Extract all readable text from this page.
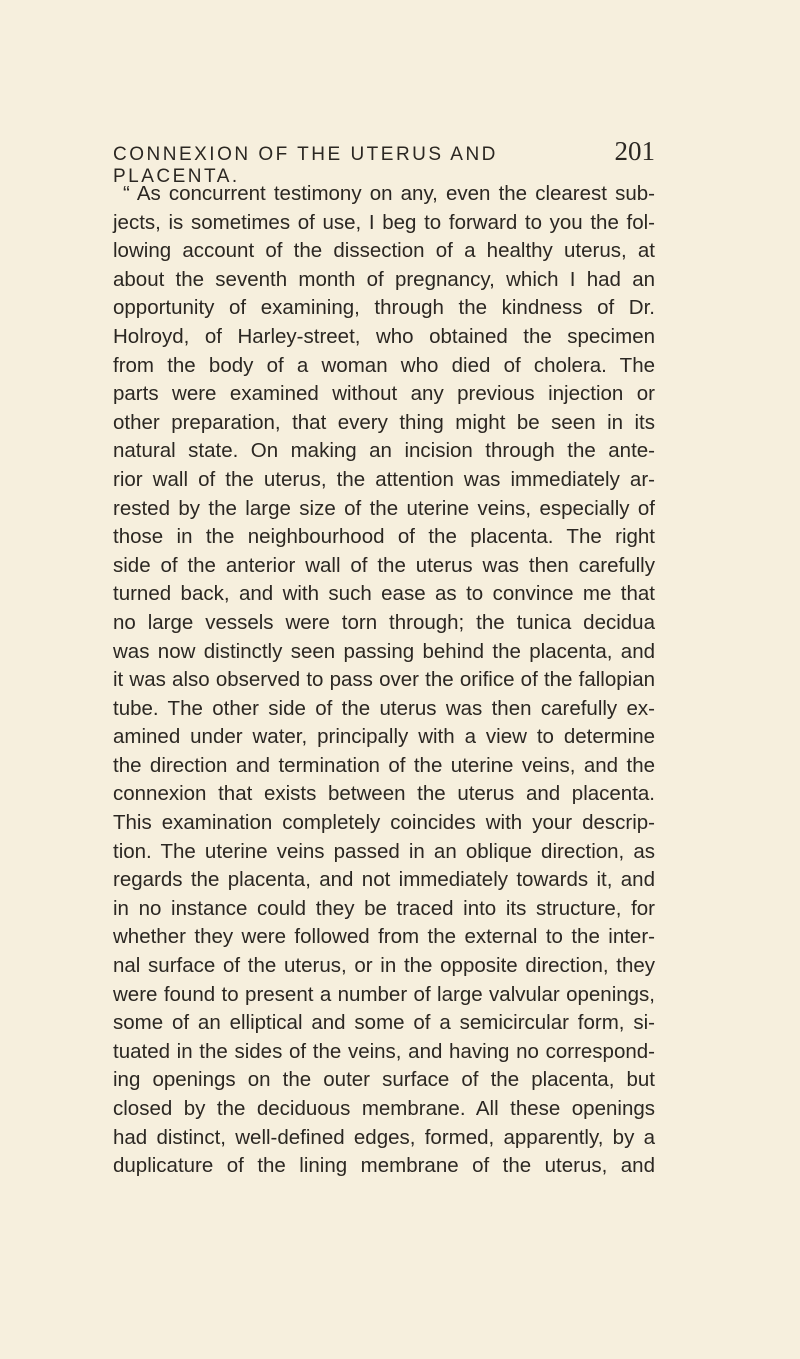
CONNEXION OF THE UTERUS AND PLACENTA.
201
“ As concurrent testimony on any, even the clearest sub-
jects, is sometimes of use, I beg to forward to you the fol-
lowing account of the dissection of a healthy uterus, at
about the seventh month of pregnancy, which I had an
opportunity of examining, through the kindness of Dr.
Holroyd, of Harley-street, who obtained the specimen
from the body of a woman who died of cholera. The
parts were examined without any previous injection or
other preparation, that every thing might be seen in its
natural state. On making an incision through the ante-
rior wall of the uterus, the attention was immediately ar-
rested by the large size of the uterine veins, especially of
those in the neighbourhood of the placenta. The right
side of the anterior wall of the uterus was then carefully
turned back, and with such ease as to convince me that
no large vessels were torn through; the tunica decidua
was now distinctly seen passing behind the placenta, and
it was also observed to pass over the orifice of the fallopian
tube. The other side of the uterus was then carefully ex-
amined under water, principally with a view to determine
the direction and termination of the uterine veins, and the
connexion that exists between the uterus and placenta.
This examination completely coincides with your descrip-
tion. The uterine veins passed in an oblique direction, as
regards the placenta, and not immediately towards it, and
in no instance could they be traced into its structure, for
whether they were followed from the external to the inter-
nal surface of the uterus, or in the opposite direction, they
were found to present a number of large valvular openings,
some of an elliptical and some of a semicircular form, si-
tuated in the sides of the veins, and having no correspond-
ing openings on the outer surface of the placenta, but
closed by the deciduous membrane. All these openings
had distinct, well-defined edges, formed, apparently, by a
duplicature of the lining membrane of the uterus, and
